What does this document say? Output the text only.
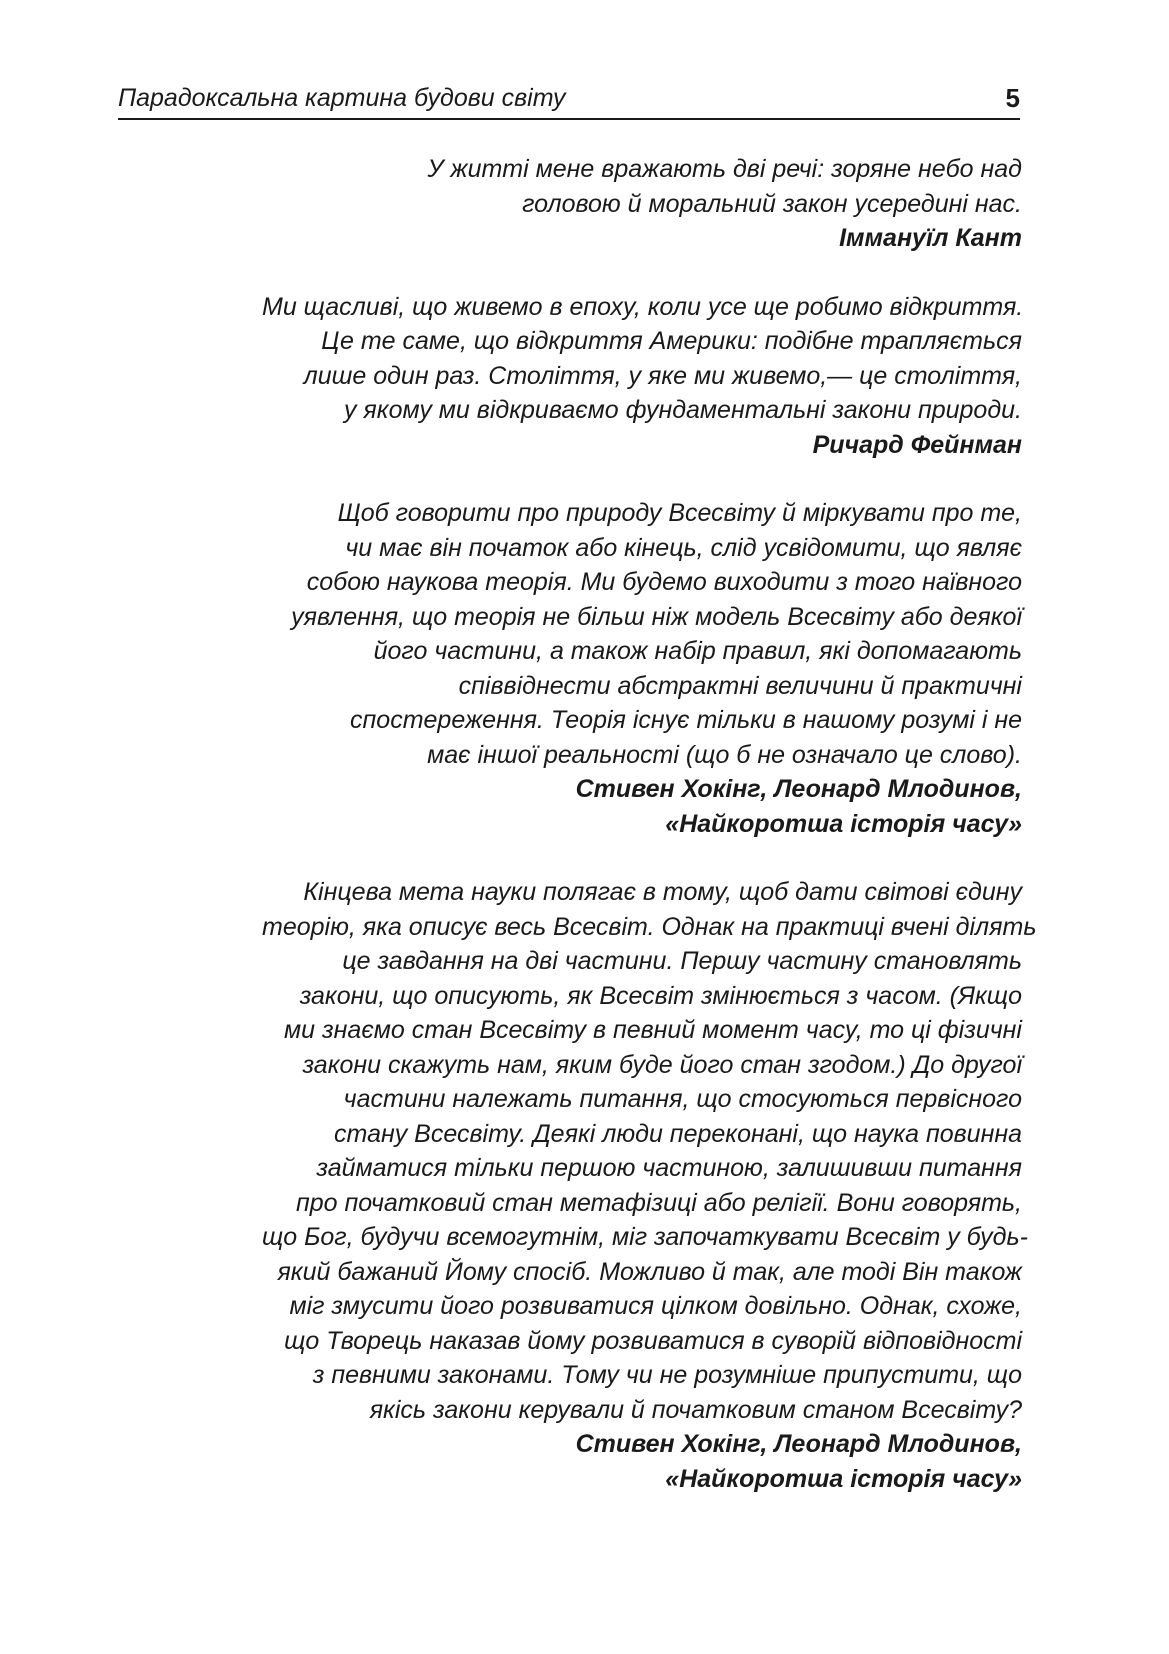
Парадоксальна картина будови світу	5
У житті мене вражають дві речі: зоряне небо над
головою й моральний закон усередині нас.
Іммануїл Кант
Ми щасливі, що живемо в епоху, коли усе ще робимо відкриття.
Це те саме, що відкриття Америки: подібне трапляється
лише один раз. Століття, у яке ми живемо,— це століття,
у якому ми відкриваємо фундаментальні закони природи.
Ричард Фейнман
Щоб говорити про природу Всесвіту й міркувати про те,
чи має він початок або кінець, слід усвідомити, що являє
собою наукова теорія. Ми будемо виходити з того наївного
уявлення, що теорія не більш ніж модель Всесвіту або деякої
його частини, а також набір правил, які допомагають
співвіднести абстрактні величини й практичні
спостереження. Теорія існує тільки в нашому розумі і не
має іншої реальності (що б не означало це слово).
Стивен Хокінг, Леонард Млодинов,
«Найкоротша історія часу»
Кінцева мета науки полягає в тому, щоб дати світові єдину
теорію, яка описує весь Всесвіт. Однак на практиці вчені ділять
це завдання на дві частини. Першу частину становлять
закони, що описують, як Всесвіт змінюється з часом. (Якщо
ми знаємо стан Всесвіту в певний момент часу, то ці фізичні
закони скажуть нам, яким буде його стан згодом.) До другої
частини належать питання, що стосуються первісного
стану Всесвіту. Деякі люди переконані, що наука повинна
займатися тільки першою частиною, залишивши питання
про початковий стан метафізиці або релігії. Вони говорять,
що Бог, будучи всемогутнім, міг започаткувати Всесвіт у будь-
який бажаний Йому спосіб. Можливо й так, але тоді Він також
міг змусити його розвиватися цілком довільно. Однак, схоже,
що Творець наказав йому розвиватися в суворій відповідності
з певними законами. Тому чи не розумніше припустити, що
якісь закони керували й початковим станом Всесвіту?
Стивен Хокінг, Леонард Млодинов,
«Найкоротша історія часу»
